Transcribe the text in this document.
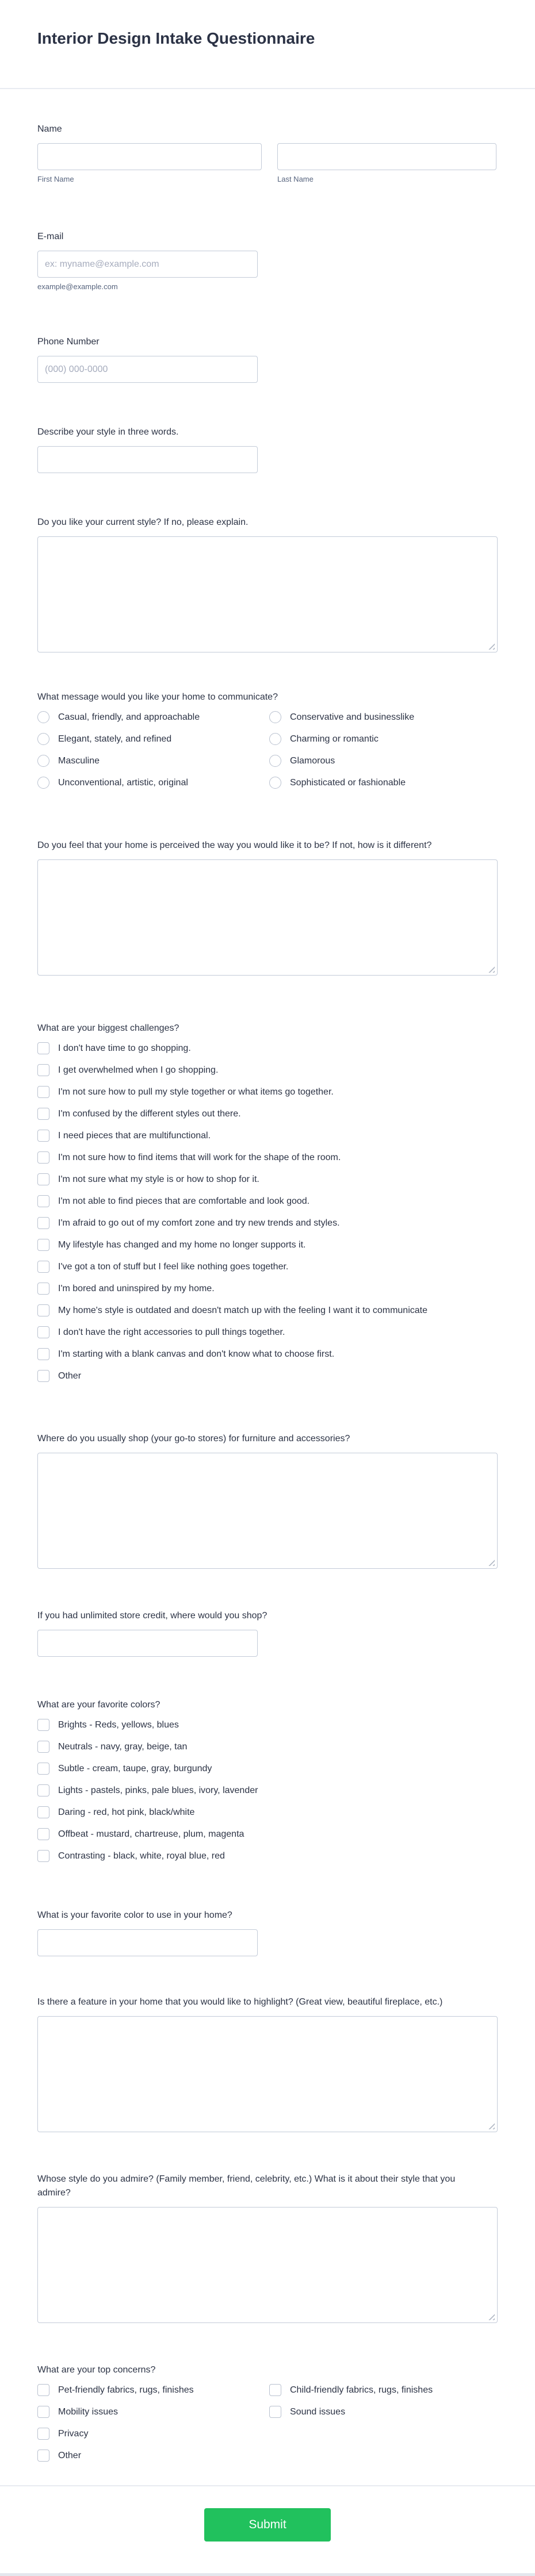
Interior Design Intake Questionnaire
Name
First Name	Last Name
E-mail
ex: myname@example.com
example@example.com
Phone Number
(000) 000-0000
Describe your style in three words.
Do you like your current style? If no, please explain.
What message would you like your home to communicate?
Casual, friendly, and approachable
Elegant, stately, and refined
Masculine
Unconventional, artistic, original
Conservative and businesslike
Charming or romantic
Glamorous
Sophisticated or fashionable
Do you feel that your home is perceived the way you would like it to be? If not, how is it different?
What are your biggest challenges?
I don't have time to go shopping.
I get overwhelmed when I go shopping.
I'm not sure how to pull my style together or what items go together.
I'm confused by the different styles out there.
I need pieces that are multifunctional.
I'm not sure how to find items that will work for the shape of the room.
I'm not sure what my style is or how to shop for it.
I'm not able to find pieces that are comfortable and look good.
I'm afraid to go out of my comfort zone and try new trends and styles.
My lifestyle has changed and my home no longer supports it.
I've got a ton of stuff but I feel like nothing goes together.
I'm bored and uninspired by my home.
My home's style is outdated and doesn't match up with the feeling I want it to communicate
I don't have the right accessories to pull things together.
I'm starting with a blank canvas and don't know what to choose first.
Other
Where do you usually shop (your go-to stores) for furniture and accessories?
If you had unlimited store credit, where would you shop?
What are your favorite colors?
Brights - Reds, yellows, blues
Neutrals - navy, gray, beige, tan
Subtle - cream, taupe, gray, burgundy
Lights - pastels, pinks, pale blues, ivory, lavender
Daring - red, hot pink, black/white
Offbeat - mustard, chartreuse, plum, magenta
Contrasting - black, white, royal blue, red
What is your favorite color to use in your home?
Is there a feature in your home that you would like to highlight? (Great view, beautiful fireplace, etc.)
Whose style do you admire? (Family member, friend, celebrity, etc.) What is it about their style that you admire?
What are your top concerns?
Pet-friendly fabrics, rugs, finishes
Mobility issues
Privacy
Other
Child-friendly fabrics, rugs, finishes
Sound issues
Submit
